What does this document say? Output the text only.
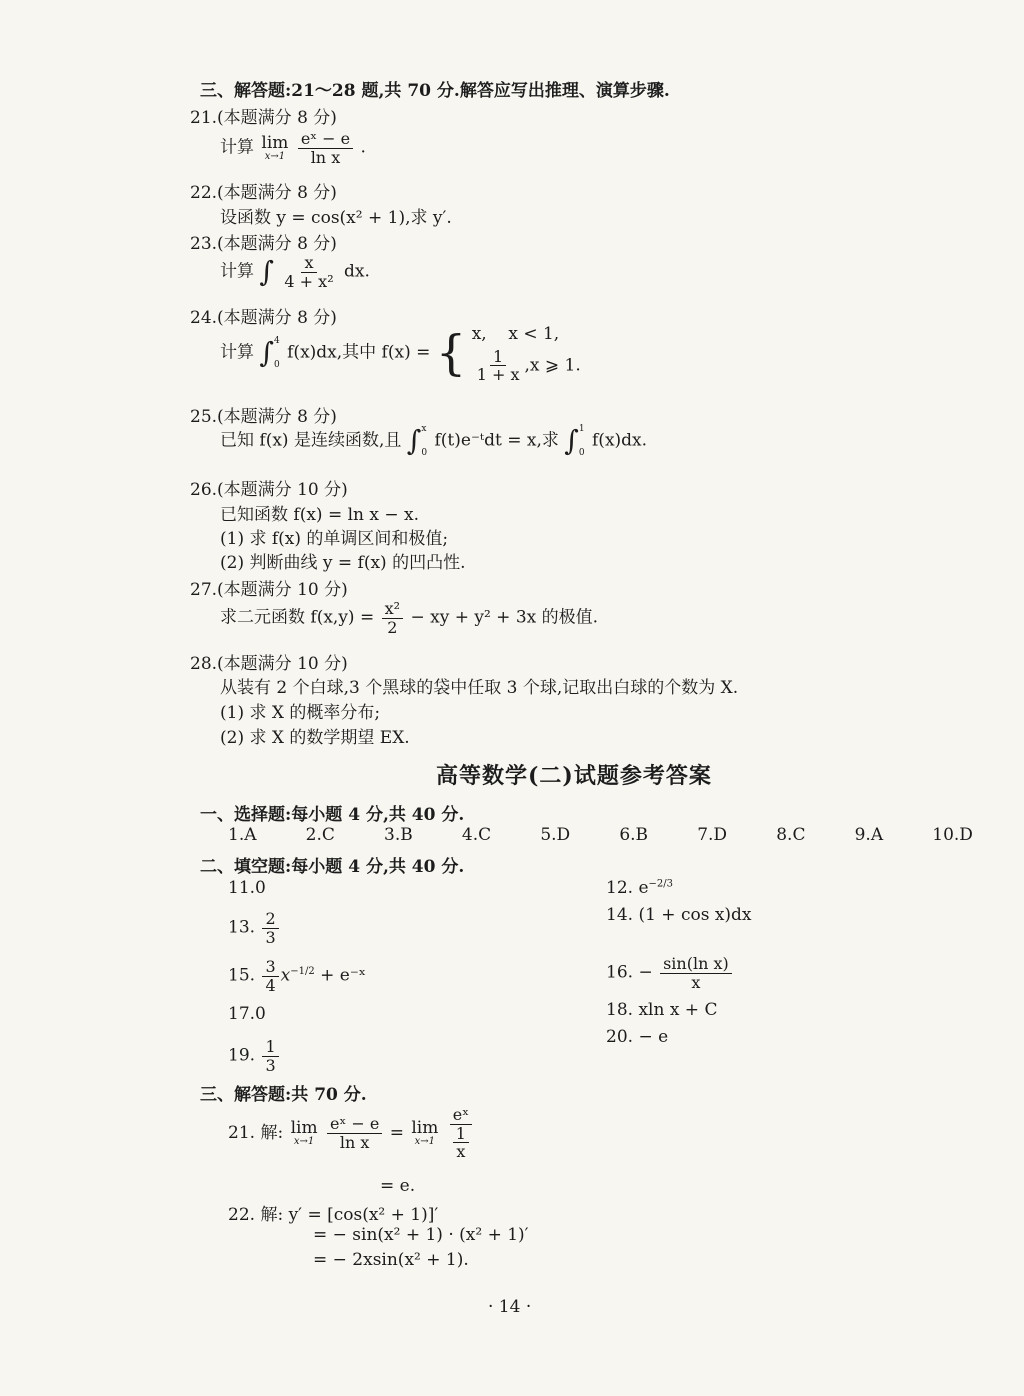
三、解答题:21～28 题,共 70 分.解答应写出推理、演算步骤.
21.(本题满分 8 分)
计算 lim
x→1
$\frac{\text{eˣ − e}}{\text{ln x}}$ .
22.(本题满分 8 分)
设函数 y = cos(x² + 1),求 y′.
23.(本题满分 8 分)
计算 ∫ $\frac{x}{\text{4 + x²}}$ dx.
24.(本题满分 8 分)
计算 ∫ 4
0
f(x)dx,其中 f(x) = { x, x < 1,
$\frac{1}{1 + x} ,x$ ⩾ 1.
25.(本题满分 8 分)
已知 f(x) 是连续函数,且 ∫ x
0
f(t)e⁻ᵗdt = x,求 ∫ 1
0
f(x)dx.
26.(本题满分 10 分)
已知函数 f(x) = ln x − x.
(1) 求 f(x) 的单调区间和极值;
(2) 判断曲线 y = f(x) 的凹凸性.
27.(本题满分 10 分)
求二元函数 $f(x,y) = \frac{\text{x²}}{2}$ − xy + y² + 3x 的极值.
28.(本题满分 10 分)
从装有 2 个白球,3 个黑球的袋中任取 3 个球,记取出白球的个数为 X.
(1) 求 X 的概率分布;
(2) 求 X 的数学期望 EX.
高等数学(二)试题参考答案
一、选择题:每小题 4 分,共 40 分.
1.A	2.C	3.B	4.C	5.D	6.B	7.D	8.C	9.A	10.D
二、填空题:每小题 4 分,共 40 分.
11.0	12. $e^{-2/3}$
13. $\frac{2}{3}$	14. (1 + cos x)dx
15. $\frac{3}{4} x^{-1/2}$ + e⁻ˣ	16. − $\frac{\text{sin(ln x)}}{x}$
17.0	18. xln x + C
19. $\frac{1}{3}$
20. − e
三、解答题:共 70 分.
21. 解: lim
x→1
$\frac{\text{eˣ − e}}{\text{ln x}} = \lim$
x→1
$\frac{\text{eˣ}}{\frac{1}{x}}$
= e.
22. 解: y′ = [cos(x² + 1)]′
= − sin(x² + 1) · (x² + 1)′
= − 2xsin(x² + 1).
· 14 ·
